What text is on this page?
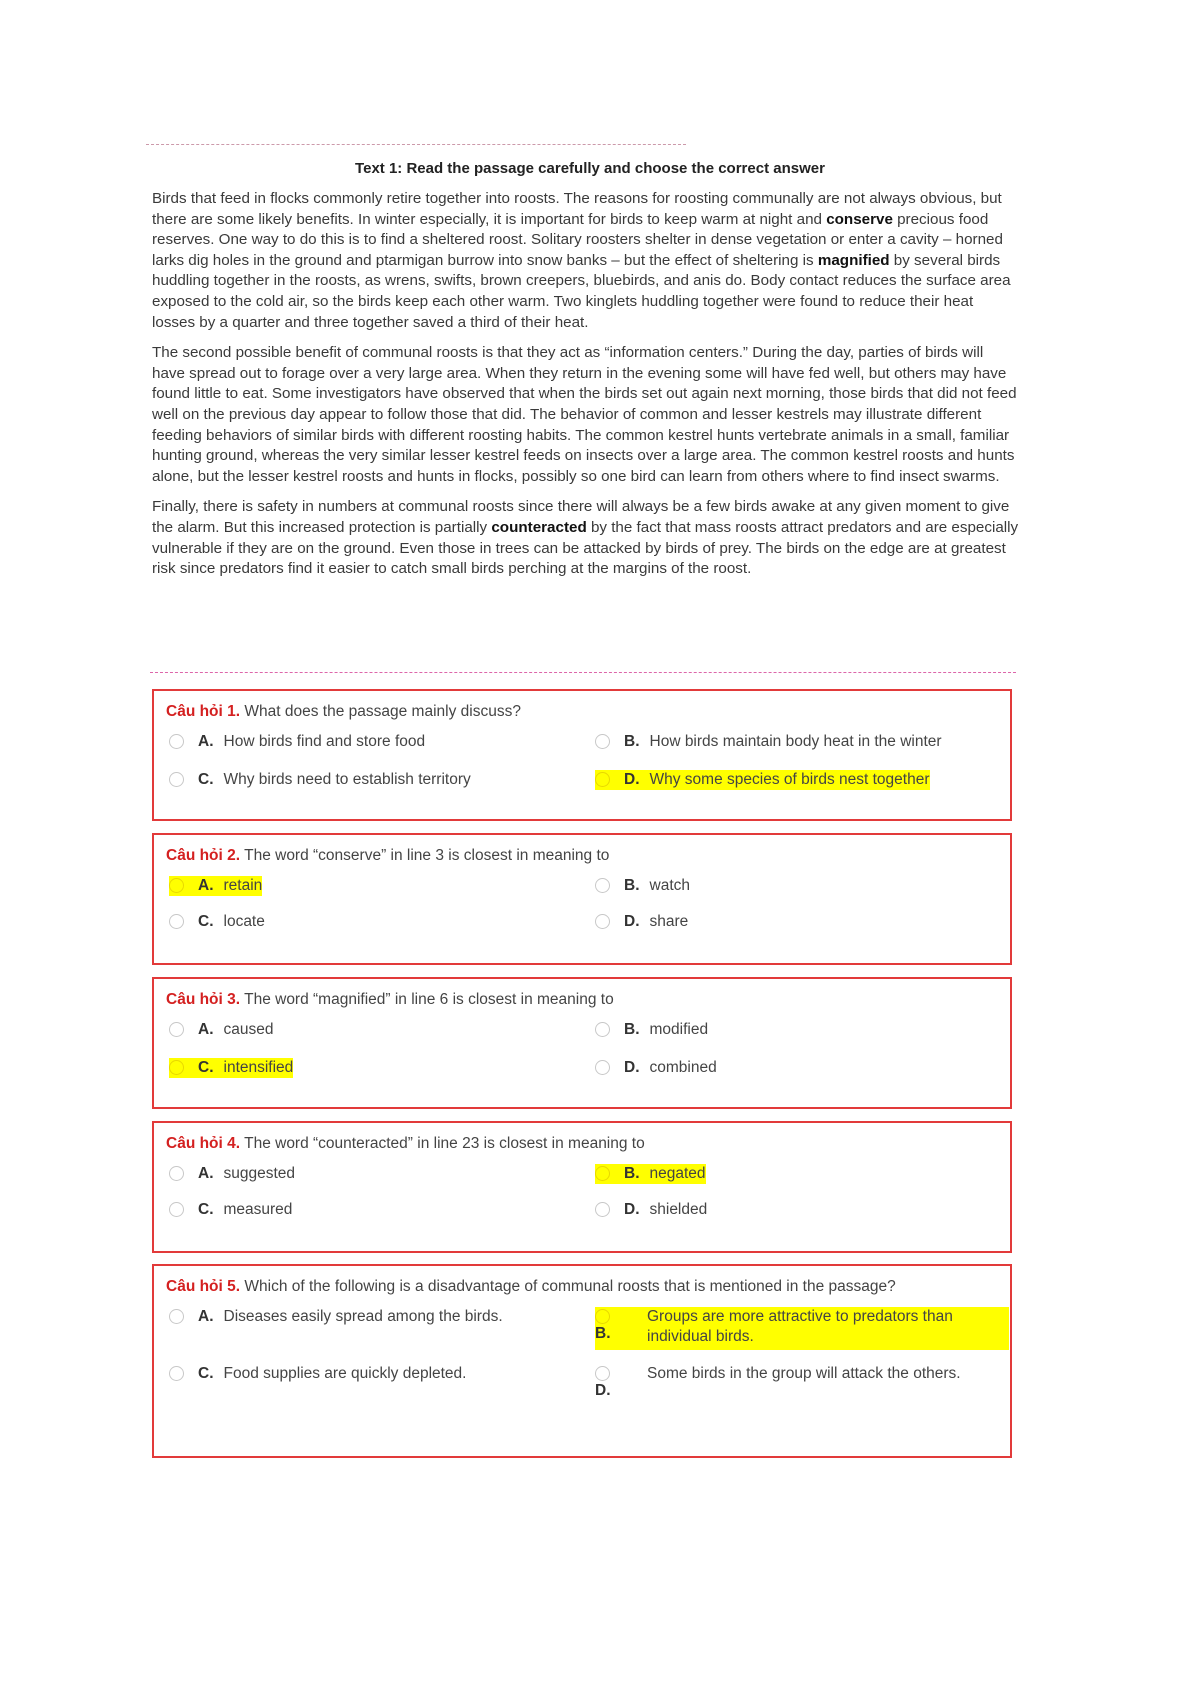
Text 1: Read the passage carefully and choose the correct answer

Birds that feed in flocks commonly retire together into roosts. The reasons for roosting communally are not always obvious, but there are some likely benefits. In winter especially, it is important for birds to keep warm at night and conserve precious food reserves. One way to do this is to find a sheltered roost. Solitary roosters shelter in dense vegetation or enter a cavity – horned larks dig holes in the ground and ptarmigan burrow into snow banks – but the effect of sheltering is magnified by several birds huddling together in the roosts, as wrens, swifts, brown creepers, bluebirds, and anis do. Body contact reduces the surface area exposed to the cold air, so the birds keep each other warm. Two kinglets huddling together were found to reduce their heat losses by a quarter and three together saved a third of their heat.

The second possible benefit of communal roosts is that they act as “information centers.” During the day, parties of birds will have spread out to forage over a very large area. When they return in the evening some will have fed well, but others may have found little to eat. Some investigators have observed that when the birds set out again next morning, those birds that did not feed well on the previous day appear to follow those that did. The behavior of common and lesser kestrels may illustrate different feeding behaviors of similar birds with different roosting habits. The common kestrel hunts vertebrate animals in a small, familiar hunting ground, whereas the very similar lesser kestrel feeds on insects over a large area. The common kestrel roosts and hunts alone, but the lesser kestrel roosts and hunts in flocks, possibly so one bird can learn from others where to find insect swarms.

Finally, there is safety in numbers at communal roosts since there will always be a few birds awake at any given moment to give the alarm. But this increased protection is partially counteracted by the fact that mass roosts attract predators and are especially vulnerable if they are on the ground. Even those in trees can be attacked by birds of prey. The birds on the edge are at greatest risk since predators find it easier to catch small birds perching at the margins of the roost.

Câu hỏi 1. What does the passage mainly discuss?
A. How birds find and store food	B. How birds maintain body heat in the winter
C. Why birds need to establish territory	D. Why some species of birds nest together
Câu hỏi 2. The word “conserve” in line 3 is closest in meaning to
A. retain	B. watch
C. locate	D. share
Câu hỏi 3. The word “magnified” in line 6 is closest in meaning to
A. caused	B. modified
C. intensified	D. combined
Câu hỏi 4. The word “counteracted” in line 23 is closest in meaning to
A. suggested	B. negated
C. measured	D. shielded
Câu hỏi 5. Which of the following is a disadvantage of communal roosts that is mentioned in the passage?
A. Diseases easily spread among the birds.
B.
Groups are more attractive to predators than individual birds.
C. Food supplies are quickly depleted.
D.
Some birds in the group will attack the others.
